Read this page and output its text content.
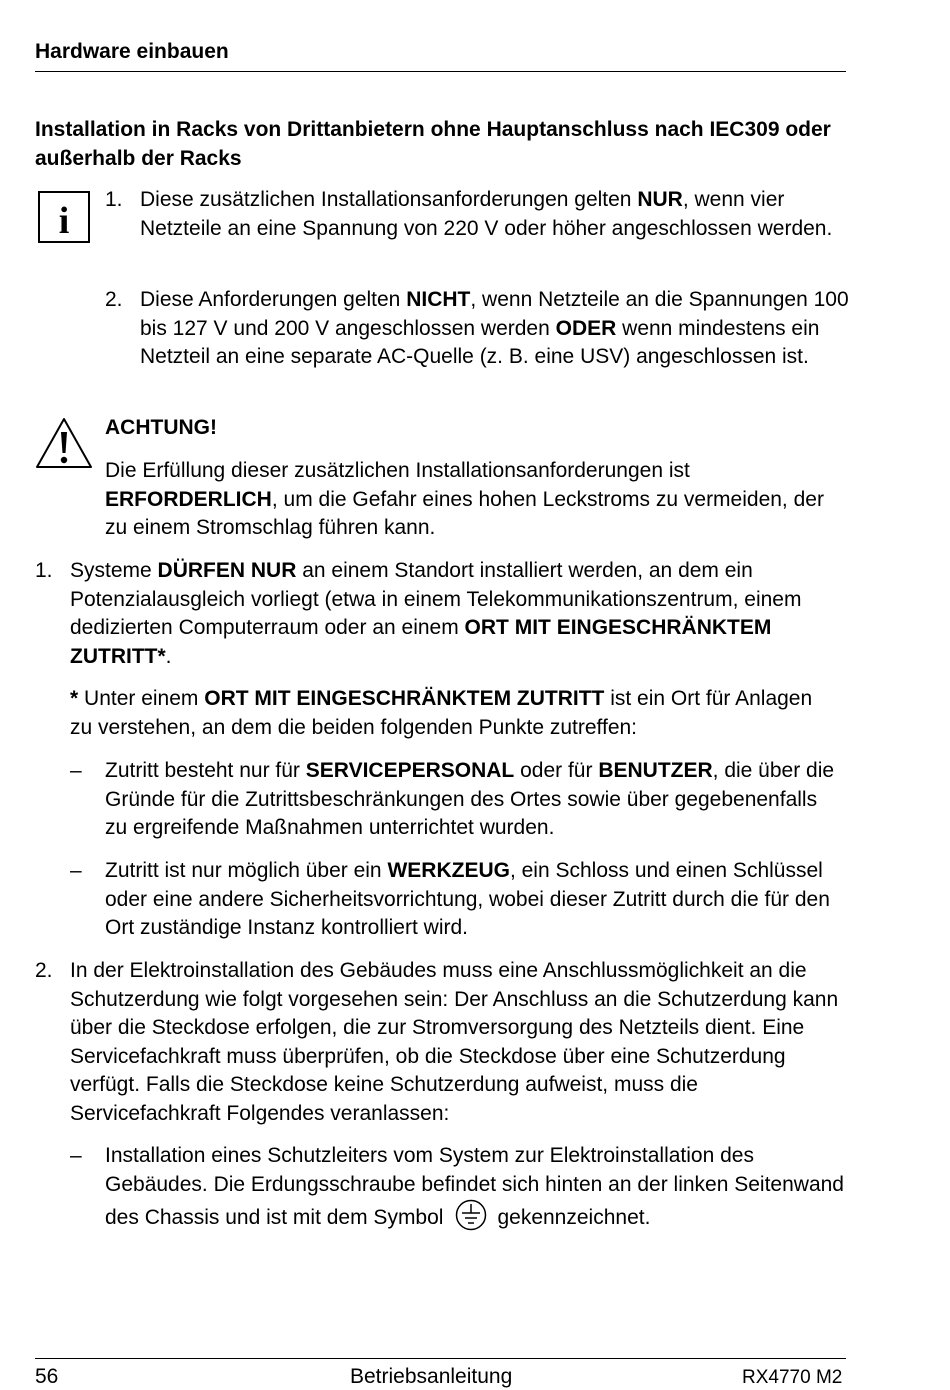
Hardware einbauen
Installation in Racks von Drittanbietern ohne Hauptanschluss nach IEC309 oder außerhalb der Racks
i
1. Diese zusätzlichen Installationsanforderungen gelten NUR, wenn vier Netzteile an eine Spannung von 220 V oder höher angeschlossen werden.
2. Diese Anforderungen gelten NICHT, wenn Netzteile an die Spannungen 100 bis 127 V und 200 V angeschlossen werden ODER wenn mindestens ein Netzteil an eine separate AC-Quelle (z. B. eine USV) angeschlossen ist.
ACHTUNG!
Die Erfüllung dieser zusätzlichen Installationsanforderungen ist ERFORDERLICH, um die Gefahr eines hohen Leckstroms zu vermeiden, der zu einem Stromschlag führen kann.
1. Systeme DÜRFEN NUR an einem Standort installiert werden, an dem ein Potenzialausgleich vorliegt (etwa in einem Telekommunikationszentrum, einem dedizierten Computerraum oder an einem ORT MIT EINGESCHRÄNKTEM ZUTRITT*.
* Unter einem ORT MIT EINGESCHRÄNKTEM ZUTRITT ist ein Ort für Anlagen zu verstehen, an dem die beiden folgenden Punkte zutreffen:
– Zutritt besteht nur für SERVICEPERSONAL oder für BENUTZER, die über die Gründe für die Zutrittsbeschränkungen des Ortes sowie über gegebenenfalls zu ergreifende Maßnahmen unterrichtet wurden.
– Zutritt ist nur möglich über ein WERKZEUG, ein Schloss und einen Schlüssel oder eine andere Sicherheitsvorrichtung, wobei dieser Zutritt durch die für den Ort zuständige Instanz kontrolliert wird.
2. In der Elektroinstallation des Gebäudes muss eine Anschlussmöglichkeit an die Schutzerdung wie folgt vorgesehen sein: Der Anschluss an die Schutzerdung kann über die Steckdose erfolgen, die zur Stromversorgung des Netzteils dient. Eine Servicefachkraft muss überprüfen, ob die Steckdose über eine Schutzerdung verfügt. Falls die Steckdose keine Schutzerdung aufweist, muss die Servicefachkraft Folgendes veranlassen:
– Installation eines Schutzleiters vom System zur Elektroinstallation des Gebäudes. Die Erdungsschraube befindet sich hinten an der linken Seitenwand des Chassis und ist mit dem Symbol	gekennzeichnet.
56	Betriebsanleitung	RX4770 M2
